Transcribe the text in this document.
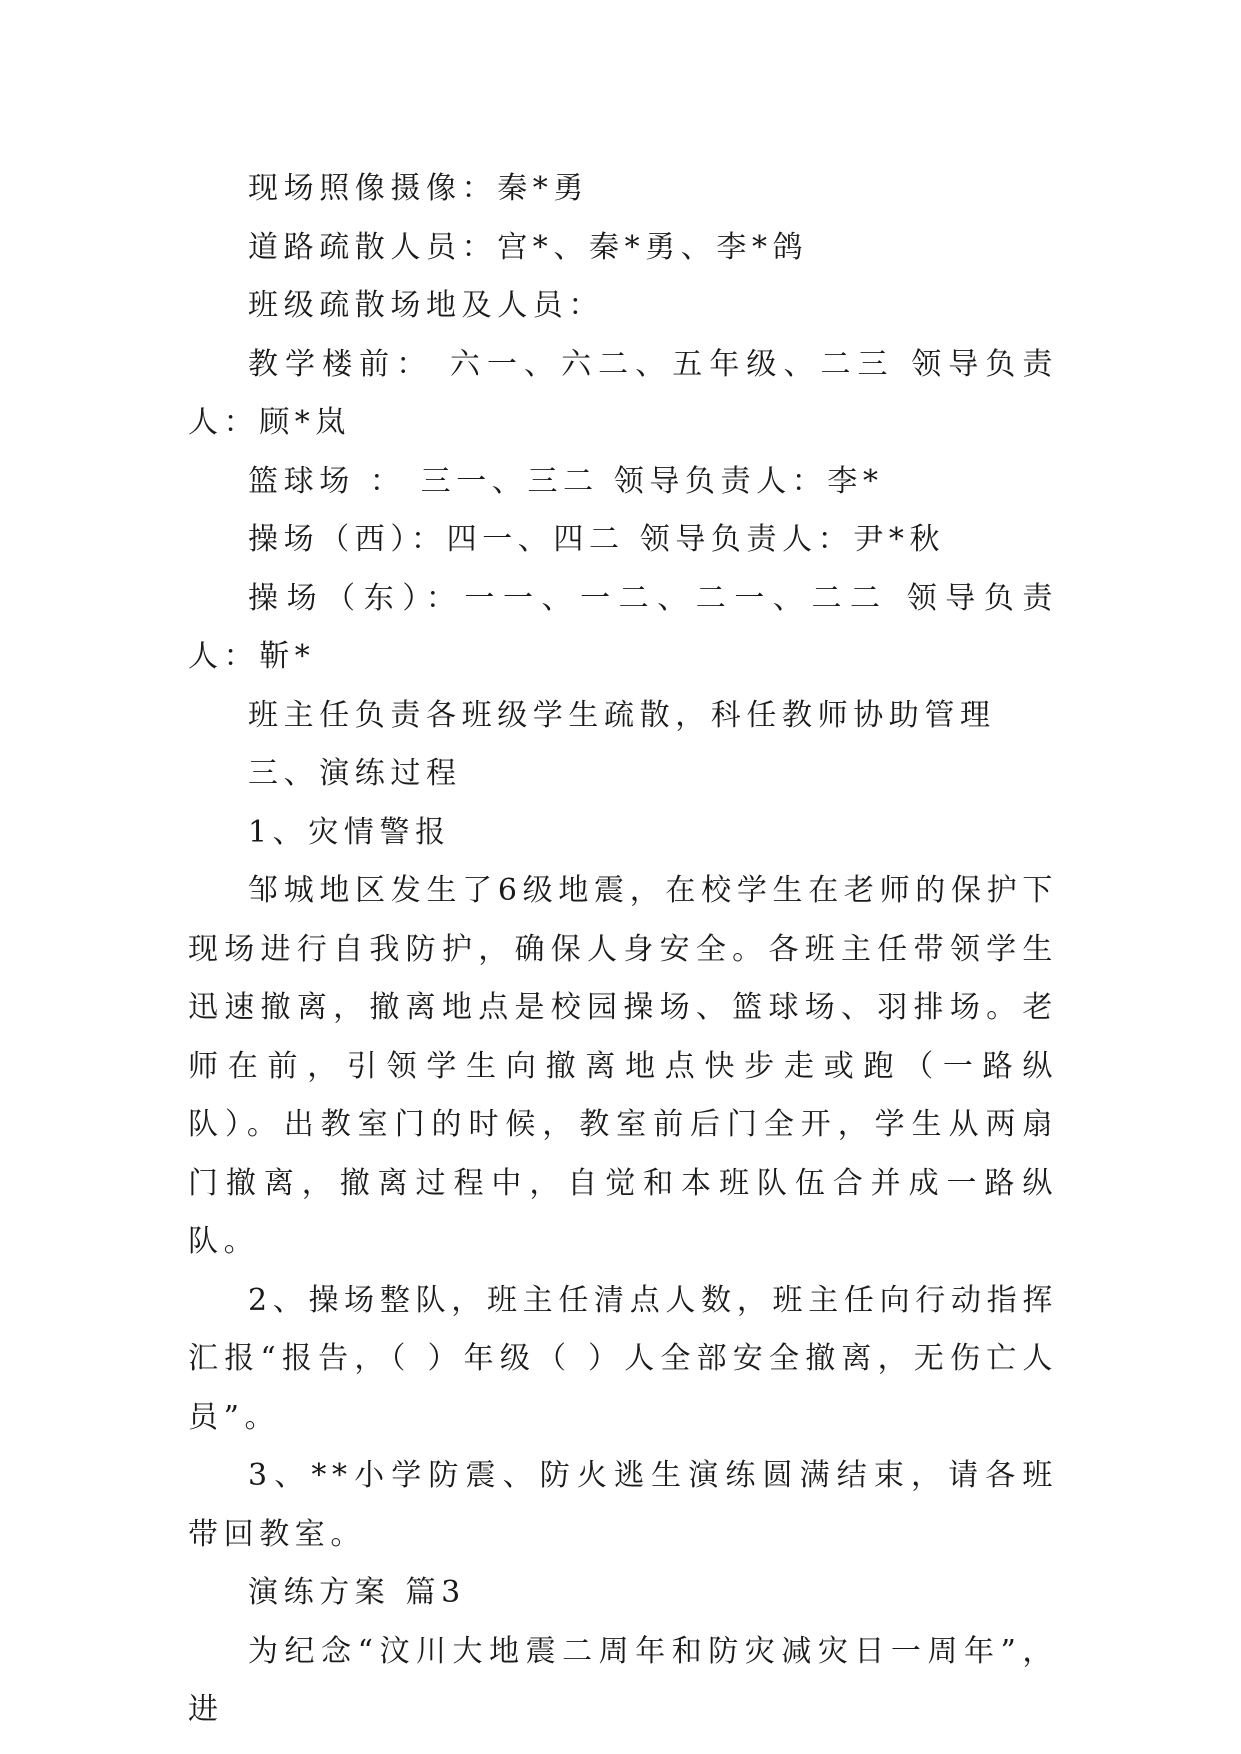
现场照像摄像：秦*勇

道路疏散人员：宫*、秦*勇、李*鸽

班级疏散场地及人员：

教学楼前： 六一、六二、五年级、二三 领导负责人：顾*岚

篮球场 ： 三一、三二 领导负责人：李*

操场（西）：四一、四二 领导负责人：尹*秋

操场（东）：一一、一二、二一、二二 领导负责人：靳*

班主任负责各班级学生疏散，科任教师协助管理

三、演练过程

1、灾情警报

邹城地区发生了6级地震，在校学生在老师的保护下现场进行自我防护，确保人身安全。各班主任带领学生迅速撤离，撤离地点是校园操场、篮球场、羽排场。老师在前，引领学生向撤离地点快步走或跑（一路纵队）。出教室门的时候，教室前后门全开，学生从两扇门撤离，撤离过程中，自觉和本班队伍合并成一路纵队。

2、操场整队，班主任清点人数，班主任向行动指挥汇报“报告，（ ）年级（ ）人全部安全撤离，无伤亡人员”。

3、**小学防震、防火逃生演练圆满结束，请各班带回教室。

演练方案 篇3

为纪念“汶川大地震二周年和防灾减灾日一周年”，进
